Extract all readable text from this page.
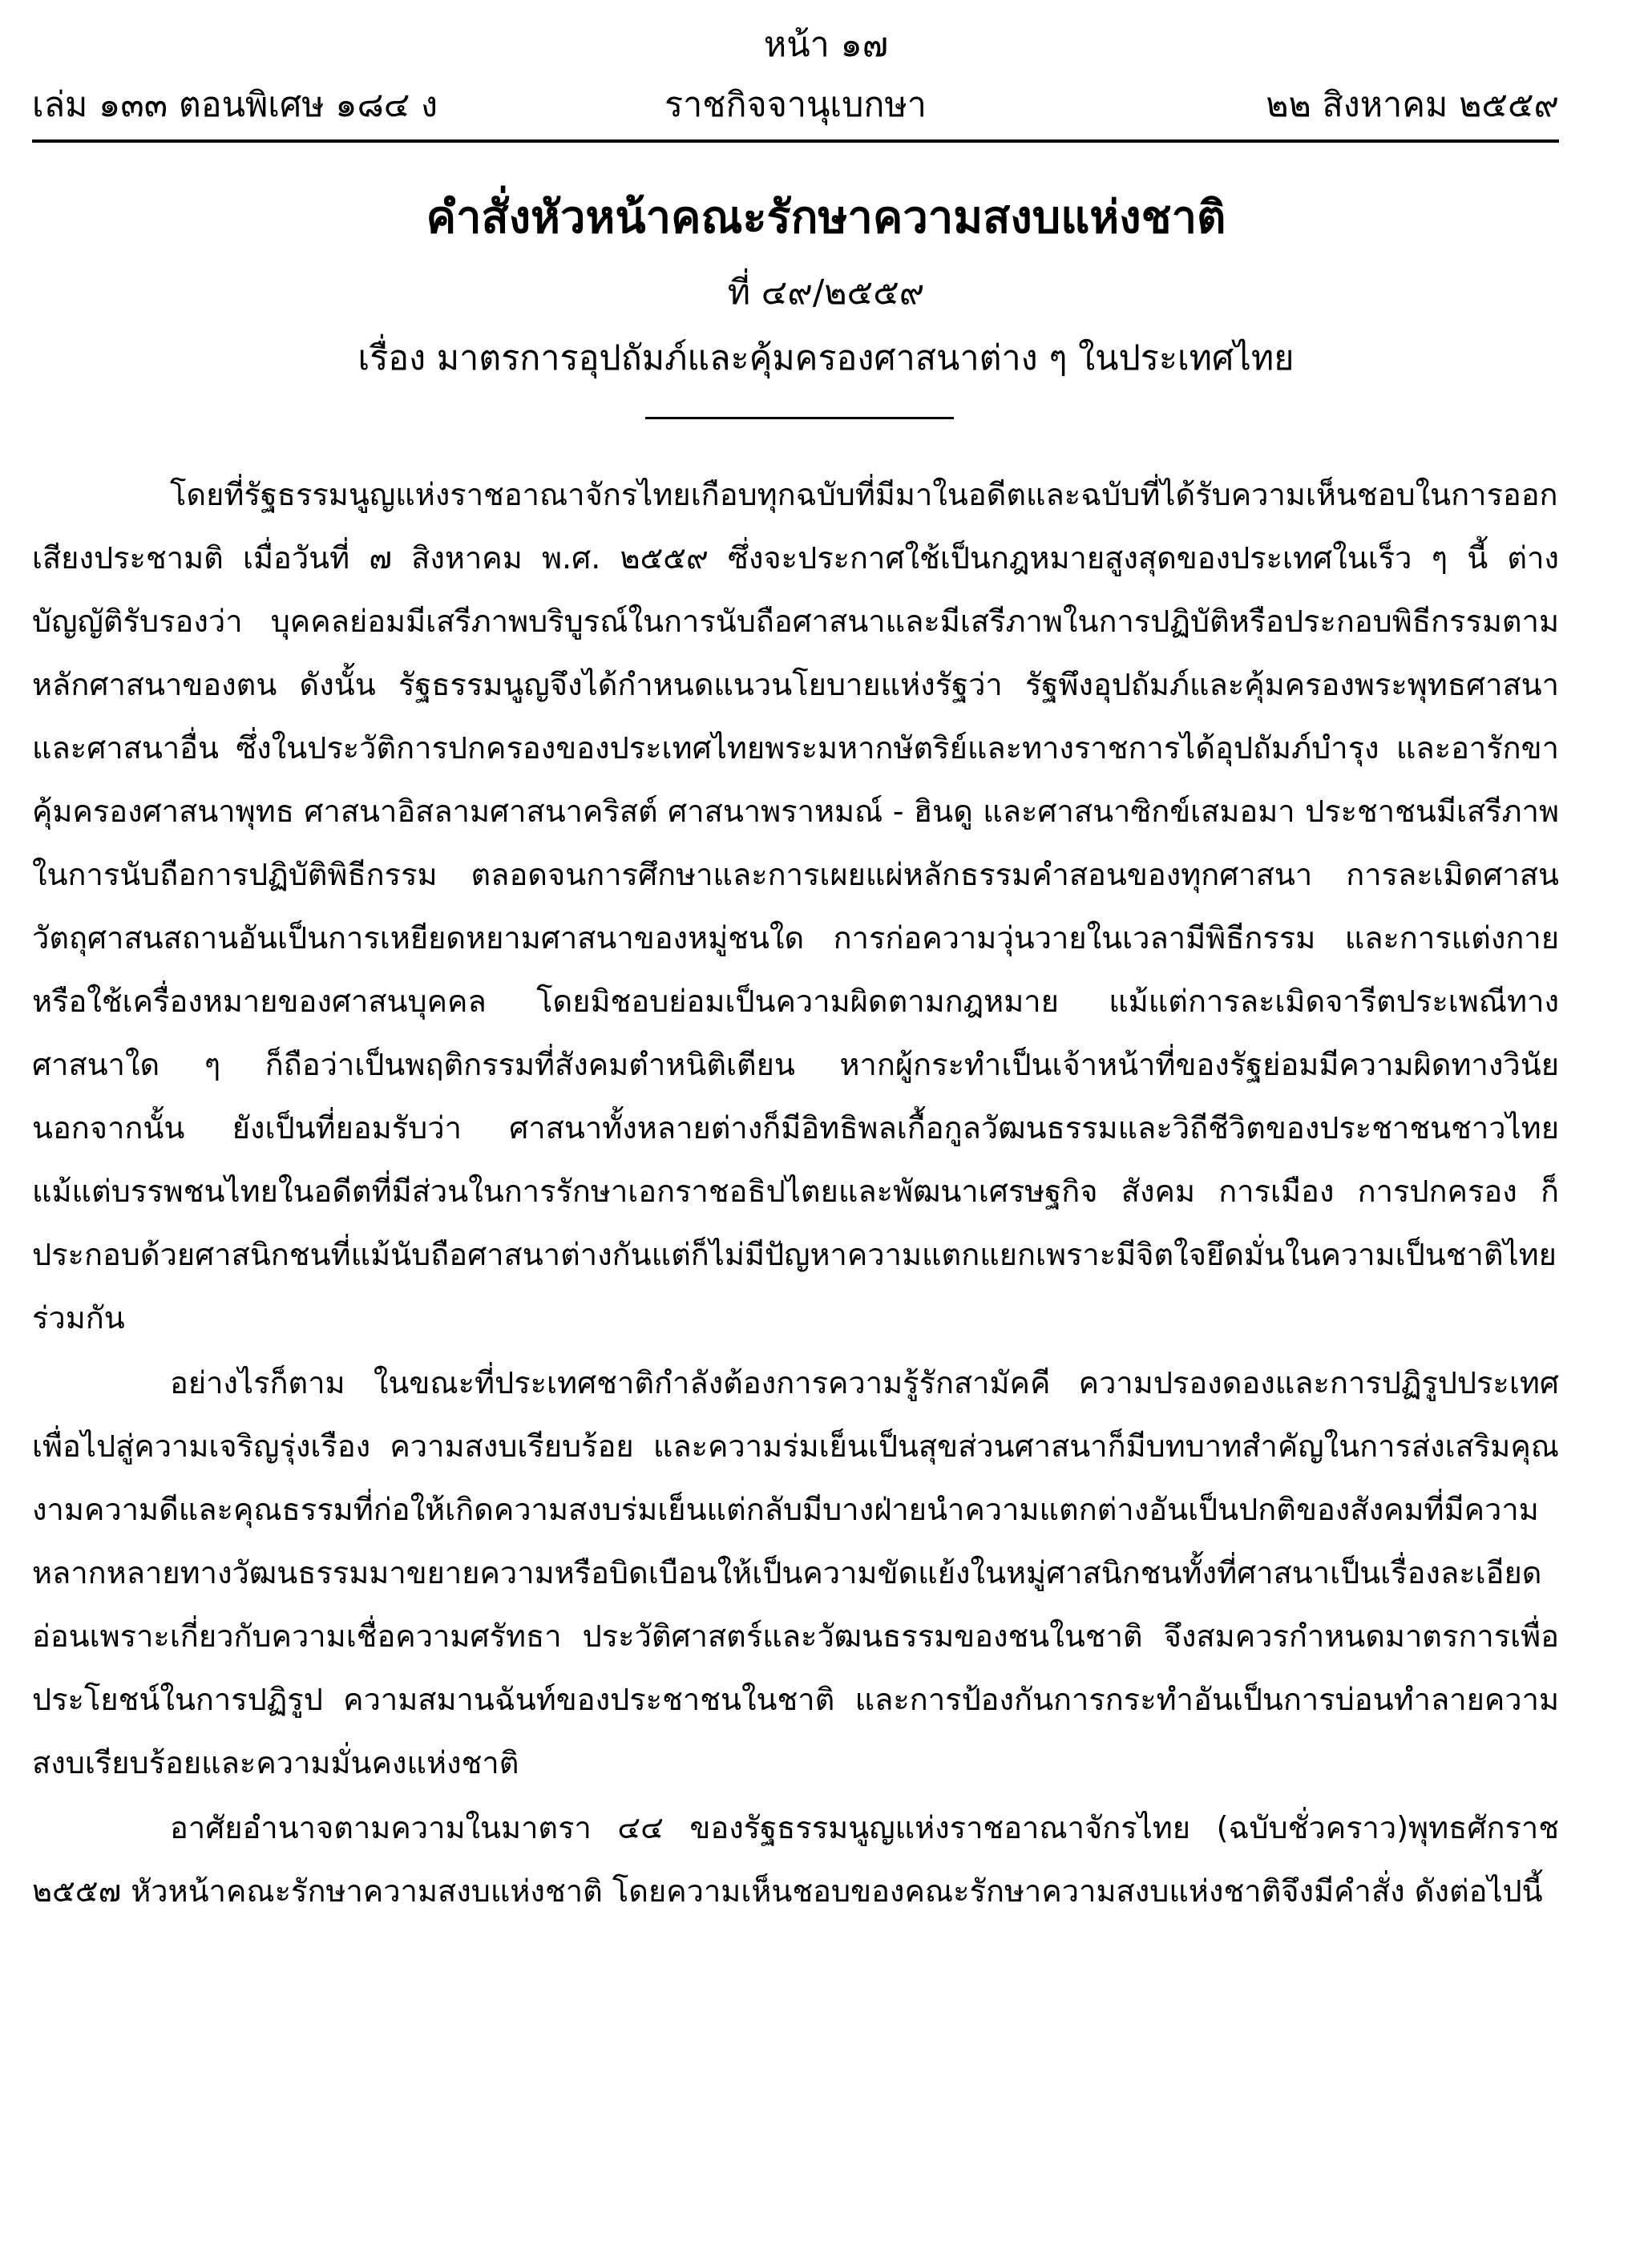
หน้า ๑๗
เล่ม ๑๓๓ ตอนพิเศษ ๑๘๔ ง	ราชกิจจานุเบกษา	๒๒ สิงหาคม ๒๕๕๙
คำสั่งหัวหน้าคณะรักษาความสงบแห่งชาติ
ที่ ๔๙/๒๕๕๙
เรื่อง มาตรการอุปถัมภ์และคุ้มครองศาสนาต่าง ๆ ในประเทศไทย

โดยที่รัฐธรรมนูญแห่งราชอาณาจักรไทยเกือบทุกฉบับที่มีมาในอดีตและฉบับที่ได้รับความเห็นชอบในการออกเสียงประชามติ เมื่อวันที่ ๗ สิงหาคม พ.ศ. ๒๕๕๙ ซึ่งจะประกาศใช้เป็นกฎหมายสูงสุดของประเทศในเร็ว ๆ นี้ ต่างบัญญัติรับรองว่า บุคคลย่อมมีเสรีภาพบริบูรณ์ในการนับถือศาสนาและมีเสรีภาพในการปฏิบัติหรือประกอบพิธีกรรมตามหลักศาสนาของตน ดังนั้น รัฐธรรมนูญจึงได้กำหนดแนวนโยบายแห่งรัฐว่า รัฐพึงอุปถัมภ์และคุ้มครองพระพุทธศาสนาและศาสนาอื่น ซึ่งในประวัติการปกครองของประเทศไทยพระมหากษัตริย์และทางราชการได้อุปถัมภ์บำรุง และอารักขาคุ้มครองศาสนาพุทธ ศาสนาอิสลามศาสนาคริสต์ ศาสนาพราหมณ์ - ฮินดู และศาสนาซิกข์เสมอมา ประชาชนมีเสรีภาพในการนับถือการปฏิบัติพิธีกรรม ตลอดจนการศึกษาและการเผยแผ่หลักธรรมคำสอนของทุกศาสนา การละเมิดศาสนวัตถุศาสนสถานอันเป็นการเหยียดหยามศาสนาของหมู่ชนใด การก่อความวุ่นวายในเวลามีพิธีกรรม และการแต่งกายหรือใช้เครื่องหมายของศาสนบุคคล โดยมิชอบย่อมเป็นความผิดตามกฎหมาย แม้แต่การละเมิดจารีตประเพณีทางศาสนาใด ๆ ก็ถือว่าเป็นพฤติกรรมที่สังคมตำหนิติเตียน หากผู้กระทำเป็นเจ้าหน้าที่ของรัฐย่อมมีความผิดทางวินัย นอกจากนั้น ยังเป็นที่ยอมรับว่า ศาสนาทั้งหลายต่างก็มีอิทธิพลเกื้อกูลวัฒนธรรมและวิถีชีวิตของประชาชนชาวไทย แม้แต่บรรพชนไทยในอดีตที่มีส่วนในการรักษาเอกราชอธิปไตยและพัฒนาเศรษฐกิจ สังคม การเมือง การปกครอง ก็ประกอบด้วยศาสนิกชนที่แม้นับถือศาสนาต่างกันแต่ก็ไม่มีปัญหาความแตกแยกเพราะมีจิตใจยึดมั่นในความเป็นชาติไทยร่วมกัน

อย่างไรก็ตาม ในขณะที่ประเทศชาติกำลังต้องการความรู้รักสามัคคี ความปรองดองและการปฏิรูปประเทศเพื่อไปสู่ความเจริญรุ่งเรือง ความสงบเรียบร้อย และความร่มเย็นเป็นสุขส่วนศาสนาก็มีบทบาทสำคัญในการส่งเสริมคุณงามความดีและคุณธรรมที่ก่อให้เกิดความสงบร่มเย็นแต่กลับมีบางฝ่ายนำความแตกต่างอันเป็นปกติของสังคมที่มีความหลากหลายทางวัฒนธรรมมาขยายความหรือบิดเบือนให้เป็นความขัดแย้งในหมู่ศาสนิกชนทั้งที่ศาสนาเป็นเรื่องละเอียดอ่อนเพราะเกี่ยวกับความเชื่อความศรัทธา ประวัติศาสตร์และวัฒนธรรมของชนในชาติ จึงสมควรกำหนดมาตรการเพื่อประโยชน์ในการปฏิรูป ความสมานฉันท์ของประชาชนในชาติ และการป้องกันการกระทำอันเป็นการบ่อนทำลายความสงบเรียบร้อยและความมั่นคงแห่งชาติ

อาศัยอำนาจตามความในมาตรา ๔๔ ของรัฐธรรมนูญแห่งราชอาณาจักรไทย (ฉบับชั่วคราว)พุทธศักราช ๒๕๕๗ หัวหน้าคณะรักษาความสงบแห่งชาติ โดยความเห็นชอบของคณะรักษาความสงบแห่งชาติจึงมีคำสั่ง ดังต่อไปนี้
